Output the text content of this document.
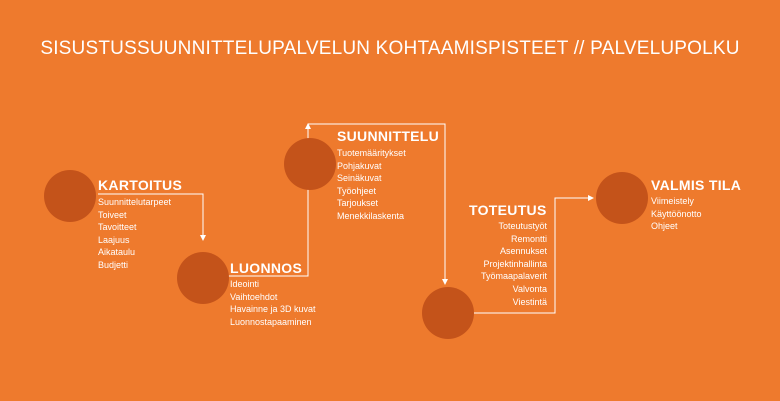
SISUSTUSSUUNNITTELUPALVELUN KOHTAAMISPISTEET // PALVELUPOLKU
KARTOITUS
Suunnittelutarpeet
Toiveet
Tavoitteet
Laajuus
Aikataulu
Budjetti	LUONNOS
Ideointi
Vaihtoehdot
Havainne ja 3D kuvat
Luonnostapaaminen
SUUNNITTELU
Tuotemääritykset
Pohjakuvat
Seinäkuvat
Työohjeet
Tarjoukset
Menekkilaskenta	TOTEUTUS
Toteutustyöt
Remontti
Asennukset
Projektinhallinta
Työmaapalaverit
Valvonta
Viestintä
VALMIS TILA
Viimeistely
Käyttöönotto
Ohjeet
